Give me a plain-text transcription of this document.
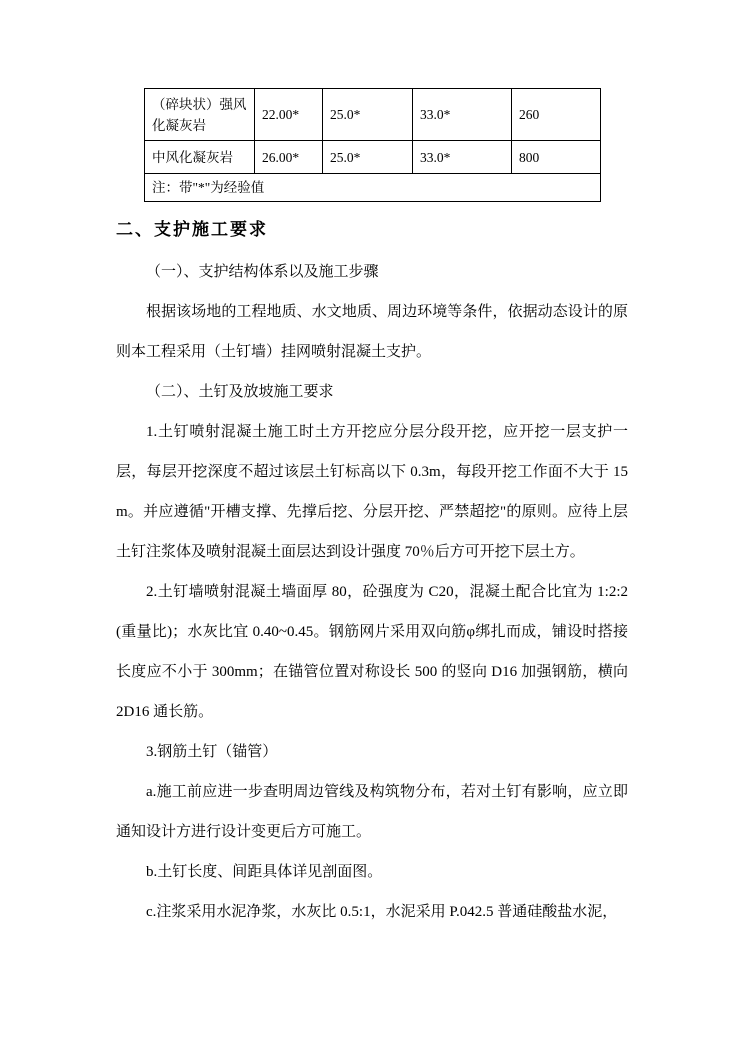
（碎块状）强风化凝灰岩	22.00*	25.0*	33.0*	260
中风化凝灰岩	26.00*	25.0*	33.0*	800
注：带"*"为经验值				
二、支护施工要求

（一）、支护结构体系以及施工步骤

根据该场地的工程地质、水文地质、周边环境等条件，依据动态设计的原则本工程采用（土钉墙）挂网喷射混凝土支护。

（二）、土钉及放坡施工要求

1.土钉喷射混凝土施工时土方开挖应分层分段开挖，应开挖一层支护一层，每层开挖深度不超过该层土钉标高以下 0.3m，每段开挖工作面不大于 15m。并应遵循"开槽支撑、先撑后挖、分层开挖、严禁超挖"的原则。应待上层土钉注浆体及喷射混凝土面层达到设计强度 70％后方可开挖下层土方。

2.土钉墙喷射混凝土墙面厚 80，砼强度为 C20，混凝土配合比宜为 1:2:2(重量比)；水灰比宜 0.40~0.45。钢筋网片采用双向筋φ绑扎而成，铺设时搭接长度应不小于 300mm；在锚管位置对称设长 500 的竖向 D16 加强钢筋，横向 2D16 通长筋。

3.钢筋土钉（锚管）

a.施工前应进一步查明周边管线及构筑物分布，若对土钉有影响，应立即通知设计方进行设计变更后方可施工。

b.土钉长度、间距具体详见剖面图。

c.注浆采用水泥净浆，水灰比 0.5:1，水泥采用 P.042.5 普通硅酸盐水泥，
